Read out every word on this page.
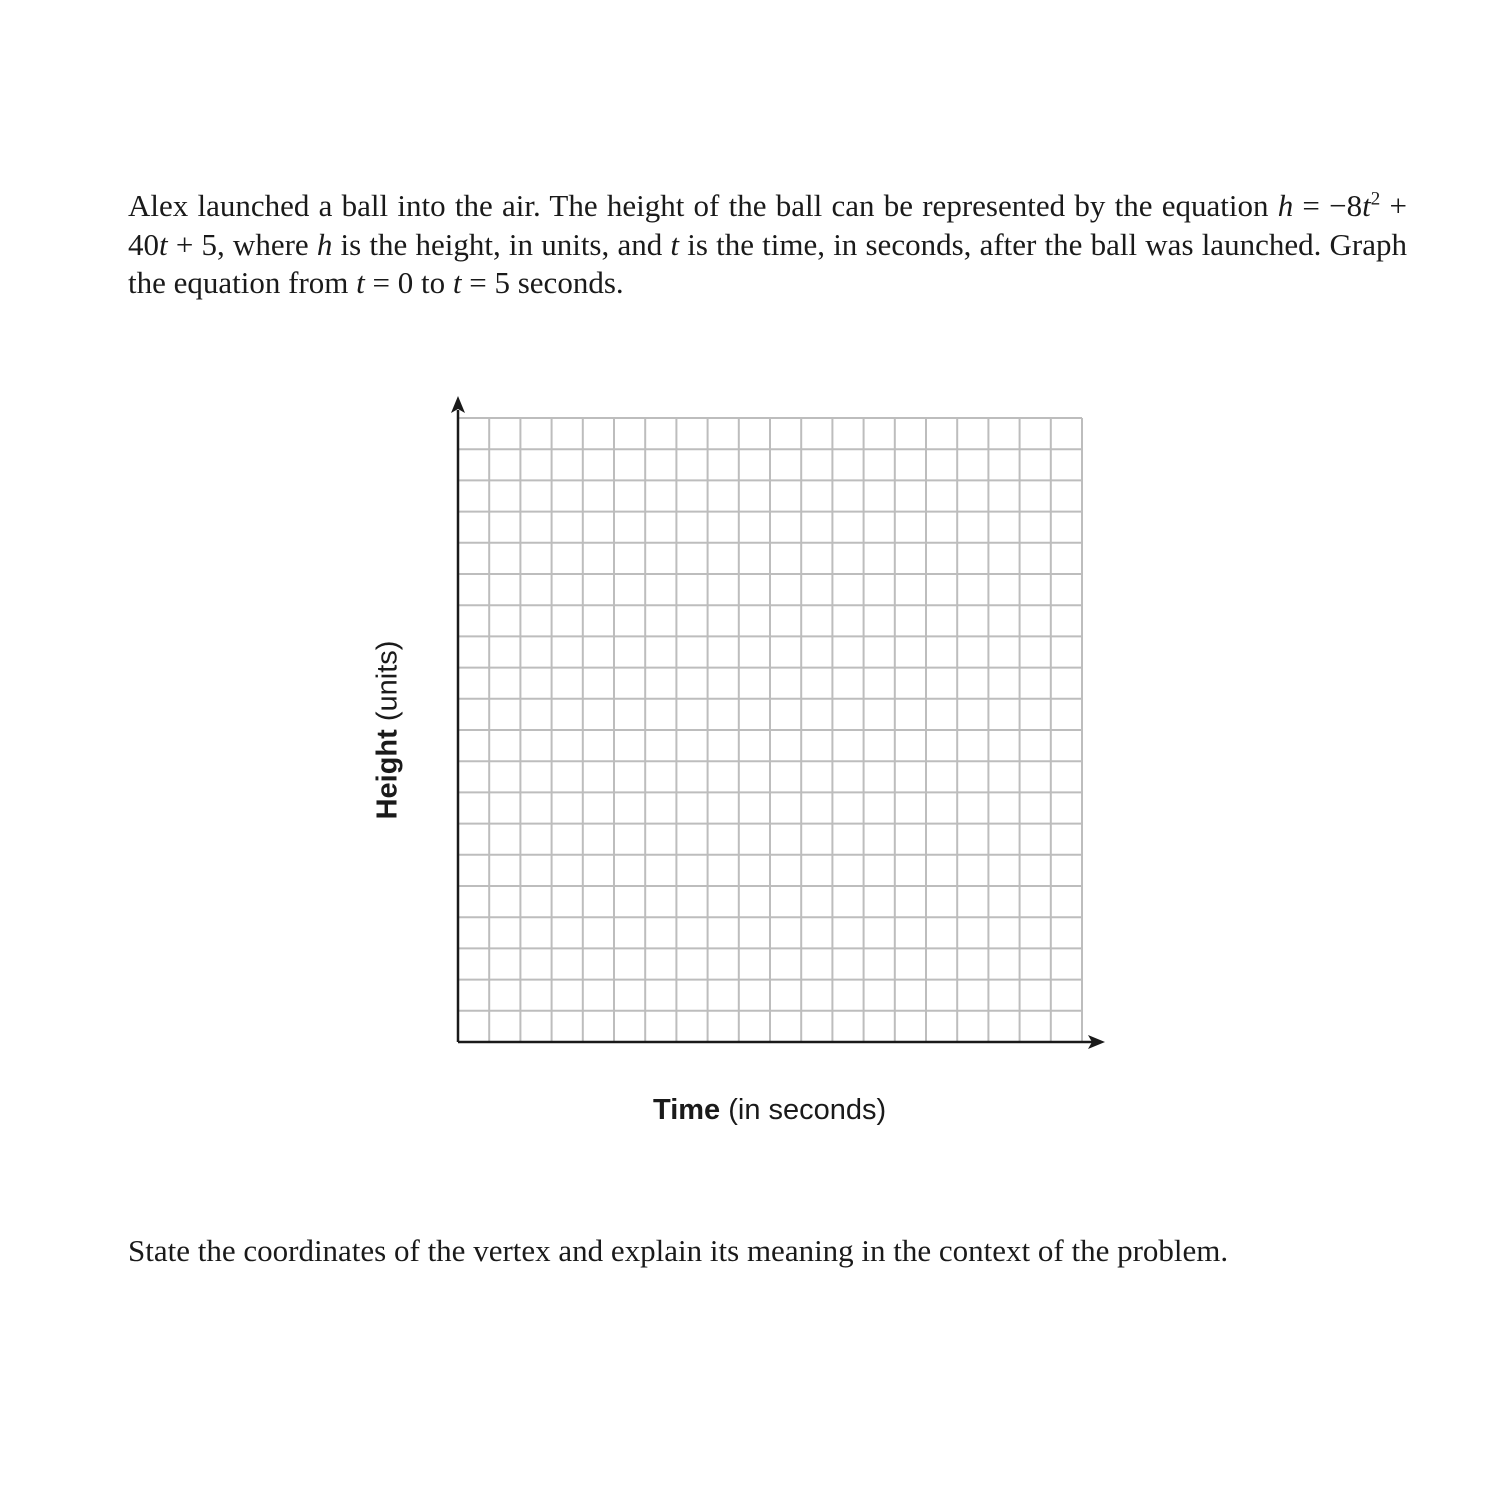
Alex launched a ball into the air. The height of the ball can be represented by the equation $h = -8t^2 + 40t + 5$, where h is the height, in units, and t is the time, in seconds, after the ball was launched. Graph the equation from t = 0 to t = 5 seconds.

Height (units)
Time (in seconds)

State the coordinates of the vertex and explain its meaning in the context of the problem.
